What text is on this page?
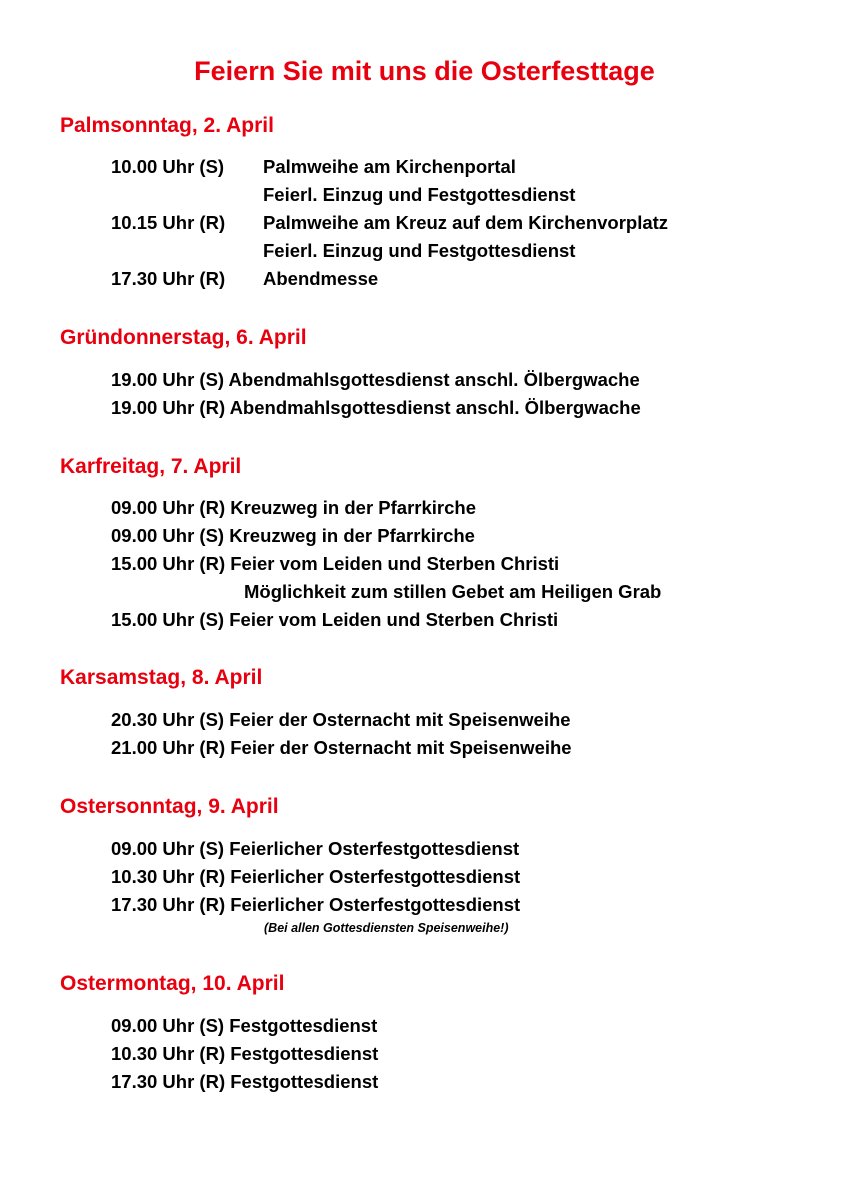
Feiern Sie mit uns die Osterfesttage
Palmsonntag, 2. April
10.00 Uhr (S) Palmweihe am Kirchenportal
Feierl. Einzug und Festgottesdienst
10.15 Uhr (R) Palmweihe am Kreuz auf dem Kirchenvorplatz
Feierl. Einzug und Festgottesdienst
17.30 Uhr (R) Abendmesse
Gründonnerstag, 6. April
19.00 Uhr (S) Abendmahlsgottesdienst anschl. Ölbergwache
19.00 Uhr (R) Abendmahlsgottesdienst anschl. Ölbergwache
Karfreitag, 7. April
09.00 Uhr (R) Kreuzweg in der Pfarrkirche
09.00 Uhr (S) Kreuzweg in der Pfarrkirche
15.00 Uhr (R) Feier vom Leiden und Sterben Christi
Möglichkeit zum stillen Gebet am Heiligen Grab
15.00 Uhr (S) Feier vom Leiden und Sterben Christi
Karsamstag, 8. April
20.30 Uhr (S) Feier der Osternacht mit Speisenweihe
21.00 Uhr (R) Feier der Osternacht mit Speisenweihe
Ostersonntag, 9. April
09.00 Uhr (S) Feierlicher Osterfestgottesdienst
10.30 Uhr (R) Feierlicher Osterfestgottesdienst
17.30 Uhr (R) Feierlicher Osterfestgottesdienst
(Bei allen Gottesdiensten Speisenweihe!)
Ostermontag, 10. April
09.00 Uhr (S) Festgottesdienst
10.30 Uhr (R) Festgottesdienst
17.30 Uhr (R) Festgottesdienst
